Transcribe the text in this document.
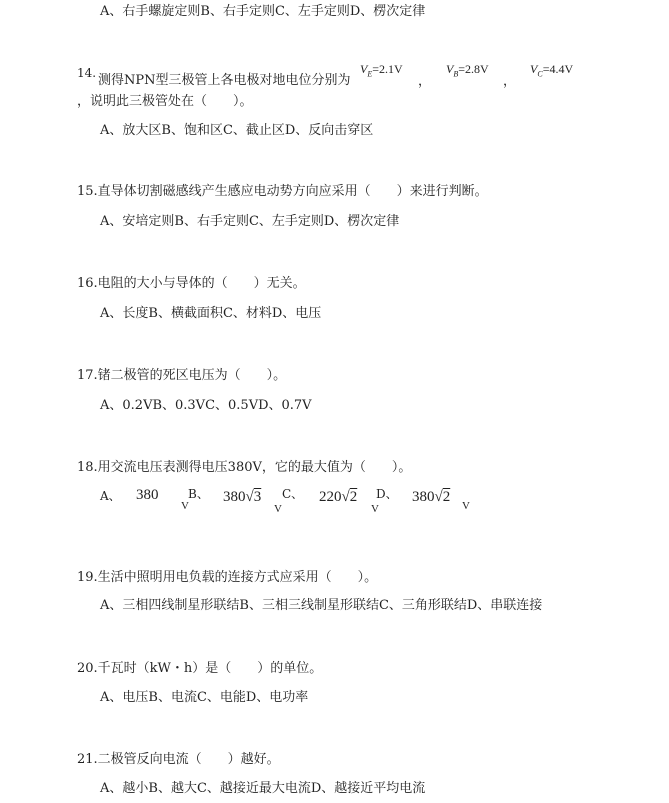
A、右手螺旋定则B、右手定则C、左手定则D、楞次定律
14. 测得NPN型三极管上各电极对地电位分别为
$V_E=2.1V$
，
$V_B=2.8V$
，
$V_C=4.4V$
，说明此三极管处在（　　）。
A、放大区B、饱和区C、截止区D、反向击穿区
15.直导体切割磁感线产生感应电动势方向应采用（　　）来进行判断。
A、安培定则B、右手定则C、左手定则D、楞次定律
16.电阻的大小与导体的（　　）无关。
A、长度B、横截面积C、材料D、电压
17.锗二极管的死区电压为（　　）。
A、0.2VB、0.3VC、0.5VD、0.7V
18.用交流电压表测得电压380V，它的最大值为（　　）。
A、 380
V
B、 380√3
V
C、 220√2
V
D、 380√2
V
19.生活中照明用电负载的连接方式应采用（　　）。
A、三相四线制星形联结B、三相三线制星形联结C、三角形联结D、串联连接
20.千瓦时（kW・h）是（　　）的单位。
A、电压B、电流C、电能D、电功率
21.二极管反向电流（　　）越好。
A、越小B、越大C、越接近最大电流D、越接近平均电流
